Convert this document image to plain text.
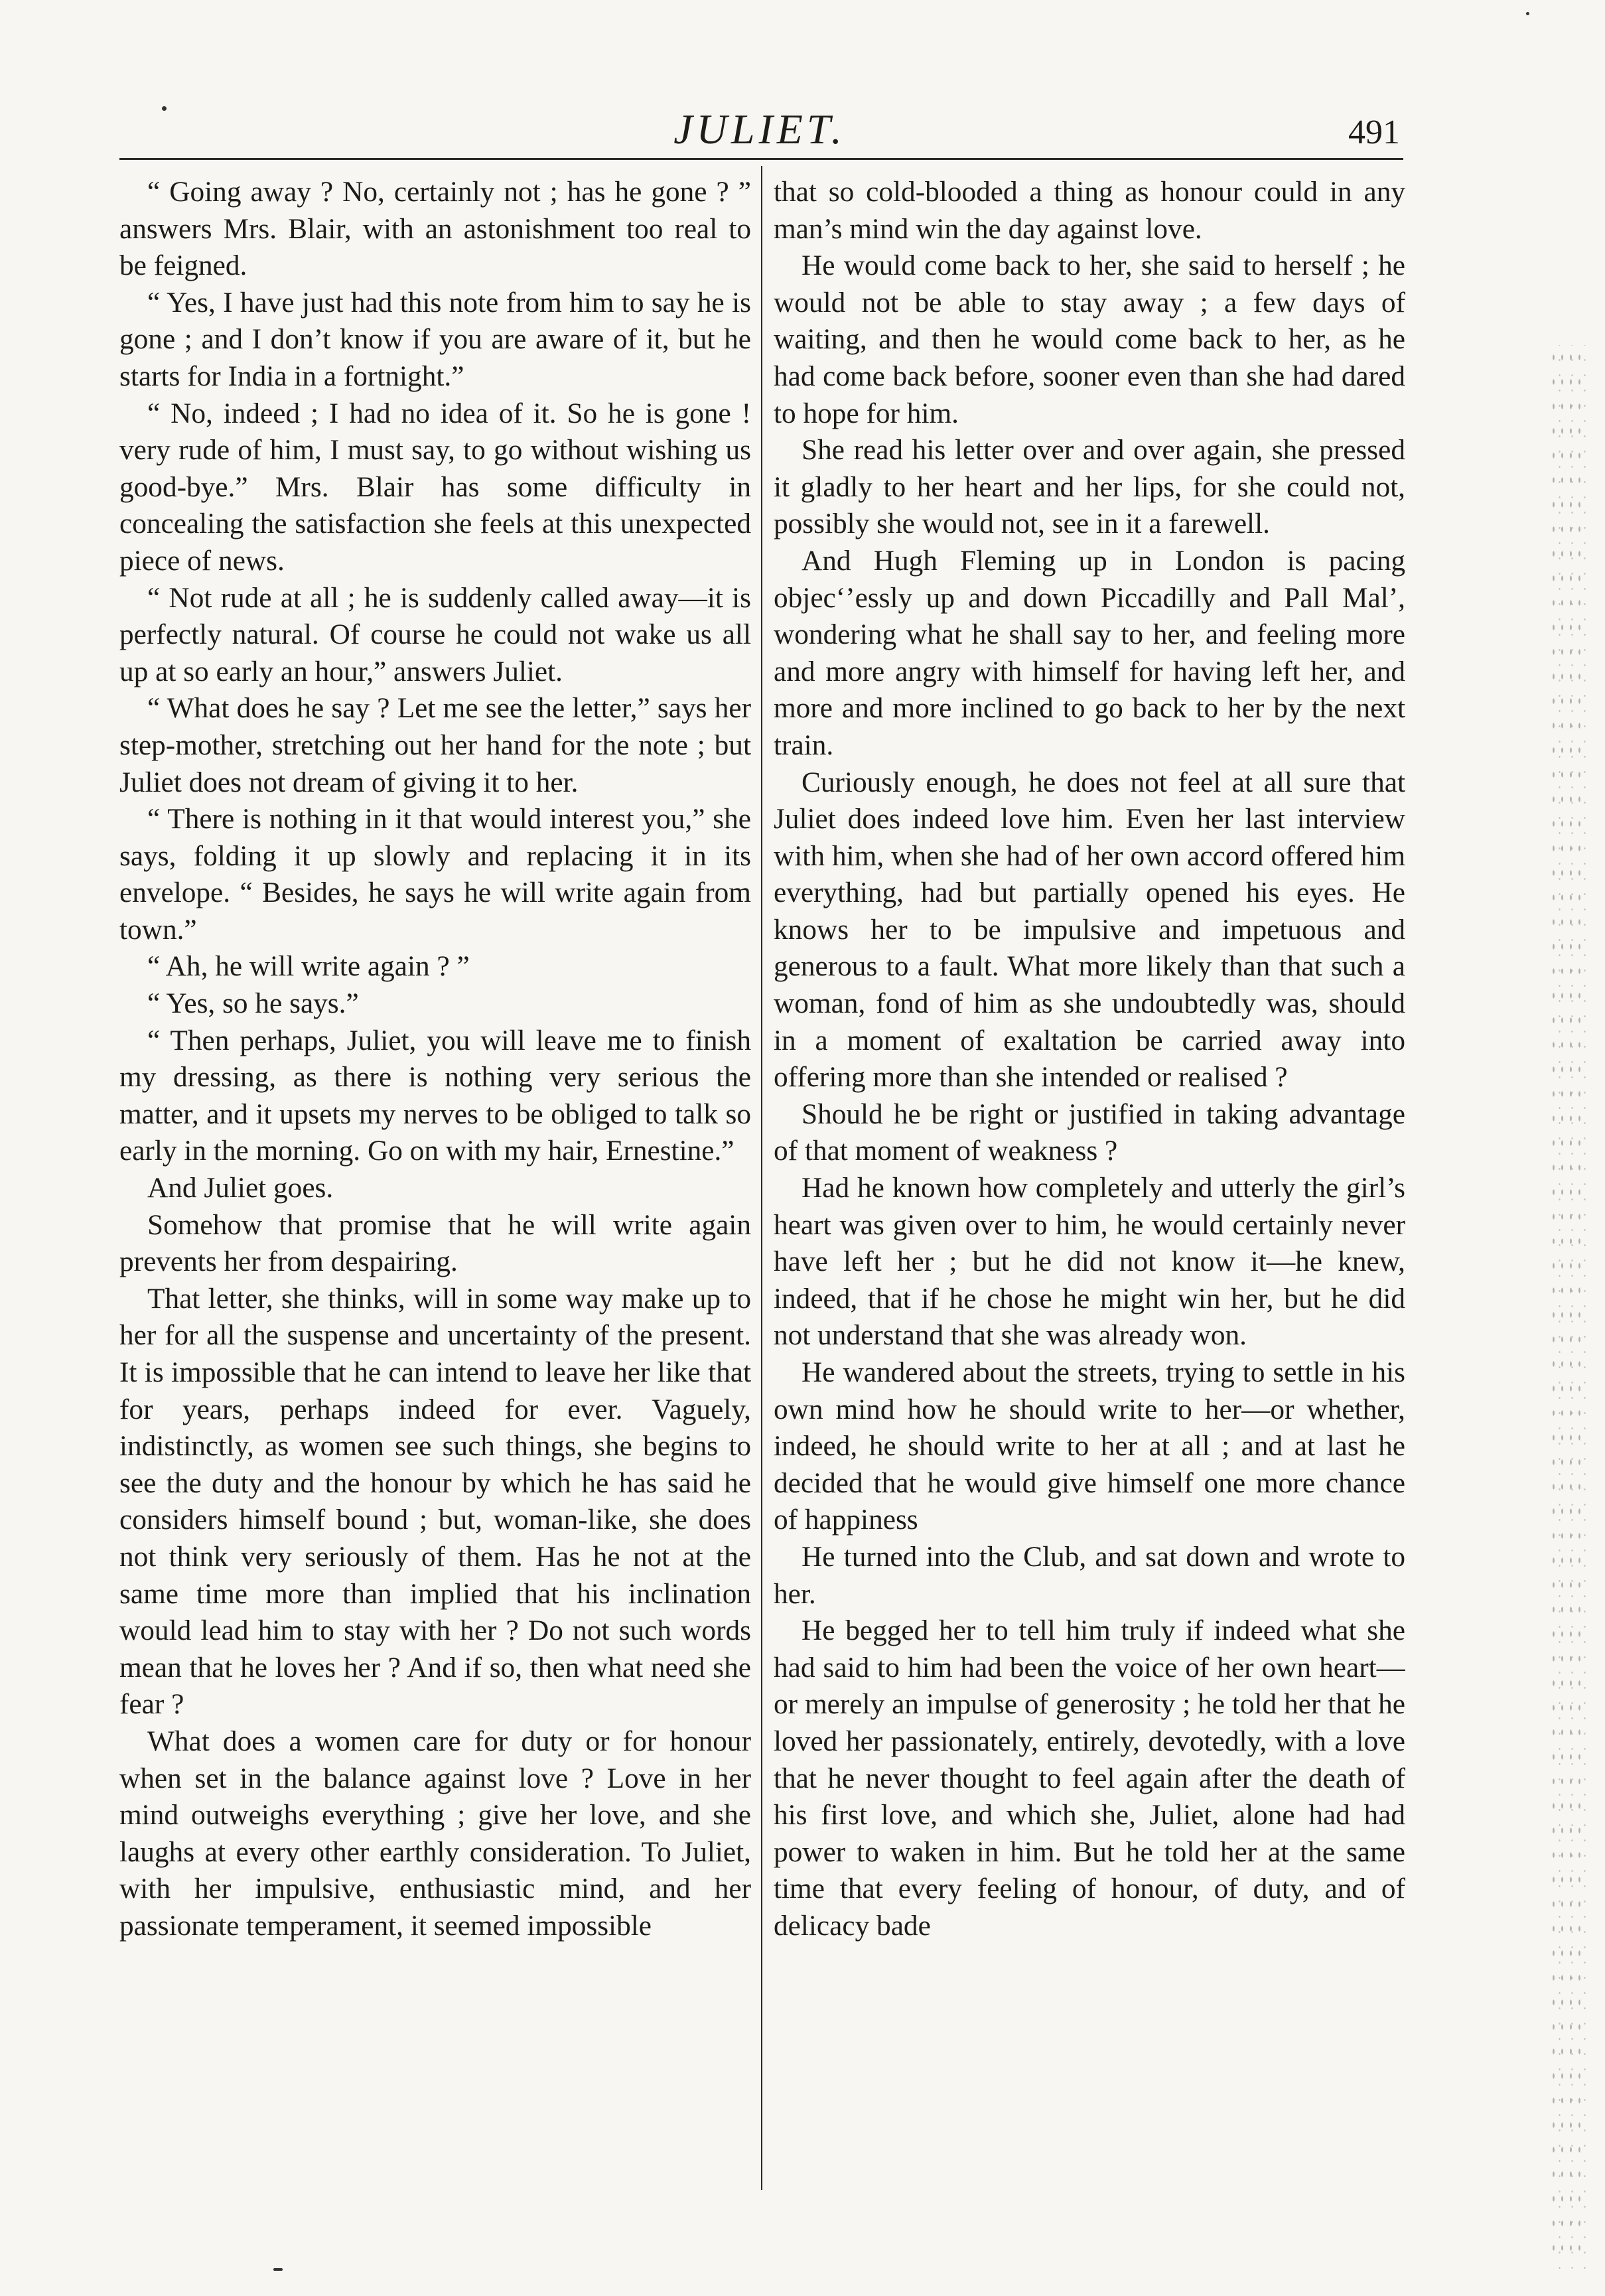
JULIET.	491

“ Going away ? No, certainly not ; has he gone ? ” answers Mrs. Blair, with an astonishment too real to be feigned.

“ Yes, I have just had this note from him to say he is gone ; and I don’t know if you are aware of it, but he starts for India in a fortnight.”

“ No, indeed ; I had no idea of it. So he is gone ! very rude of him, I must say, to go without wishing us good-bye.” Mrs. Blair has some difficulty in concealing the satisfaction she feels at this unexpected piece of news.

“ Not rude at all ; he is suddenly called away—it is perfectly natural. Of course he could not wake us all up at so early an hour,” answers Juliet.

“ What does he say ? Let me see the letter,” says her step-mother, stretching out her hand for the note ; but Juliet does not dream of giving it to her.

“ There is nothing in it that would interest you,” she says, folding it up slowly and replacing it in its envelope. “ Besides, he says he will write again from town.”

“ Ah, he will write again ? ”

“ Yes, so he says.”

“ Then perhaps, Juliet, you will leave me to finish my dressing, as there is nothing very serious the matter, and it upsets my nerves to be obliged to talk so early in the morning. Go on with my hair, Ernestine.”

And Juliet goes.

Somehow that promise that he will write again prevents her from despairing.

That letter, she thinks, will in some way make up to her for all the suspense and uncertainty of the present. It is impossible that he can intend to leave her like that for years, perhaps indeed for ever. Vaguely, indistinctly, as women see such things, she begins to see the duty and the honour by which he has said he considers himself bound ; but, woman-like, she does not think very seriously of them. Has he not at the same time more than implied that his inclination would lead him to stay with her ? Do not such words mean that he loves her ? And if so, then what need she fear ?

What does a women care for duty or for honour when set in the balance against love ? Love in her mind outweighs everything ; give her love, and she laughs at every other earthly consideration. To Juliet, with her impulsive, enthusiastic mind, and her passionate temperament, it seemed impossible

that so cold-blooded a thing as honour could in any man’s mind win the day against love.

He would come back to her, she said to herself ; he would not be able to stay away ; a few days of waiting, and then he would come back to her, as he had come back before, sooner even than she had dared to hope for him.

She read his letter over and over again, she pressed it gladly to her heart and her lips, for she could not, possibly she would not, see in it a farewell.

And Hugh Fleming up in London is pacing objec‘’essly up and down Piccadilly and Pall Mal’, wondering what he shall say to her, and feeling more and more angry with himself for having left her, and more and more inclined to go back to her by the next train.

Curiously enough, he does not feel at all sure that Juliet does indeed love him. Even her last interview with him, when she had of her own accord offered him everything, had but partially opened his eyes. He knows her to be impulsive and impetuous and generous to a fault. What more likely than that such a woman, fond of him as she undoubtedly was, should in a moment of exaltation be carried away into offering more than she intended or realised ?

Should he be right or justified in taking advantage of that moment of weakness ?

Had he known how completely and utterly the girl’s heart was given over to him, he would certainly never have left her ; but he did not know it—he knew, indeed, that if he chose he might win her, but he did not understand that she was already won.

He wandered about the streets, trying to settle in his own mind how he should write to her—or whether, indeed, he should write to her at all ; and at last he decided that he would give himself one more chance of happiness

He turned into the Club, and sat down and wrote to her.

He begged her to tell him truly if indeed what she had said to him had been the voice of her own heart—or merely an impulse of generosity ; he told her that he loved her passionately, entirely, devotedly, with a love that he never thought to feel again after the death of his first love, and which she, Juliet, alone had had power to waken in him. But he told her at the same time that every feeling of honour, of duty, and of delicacy bade
